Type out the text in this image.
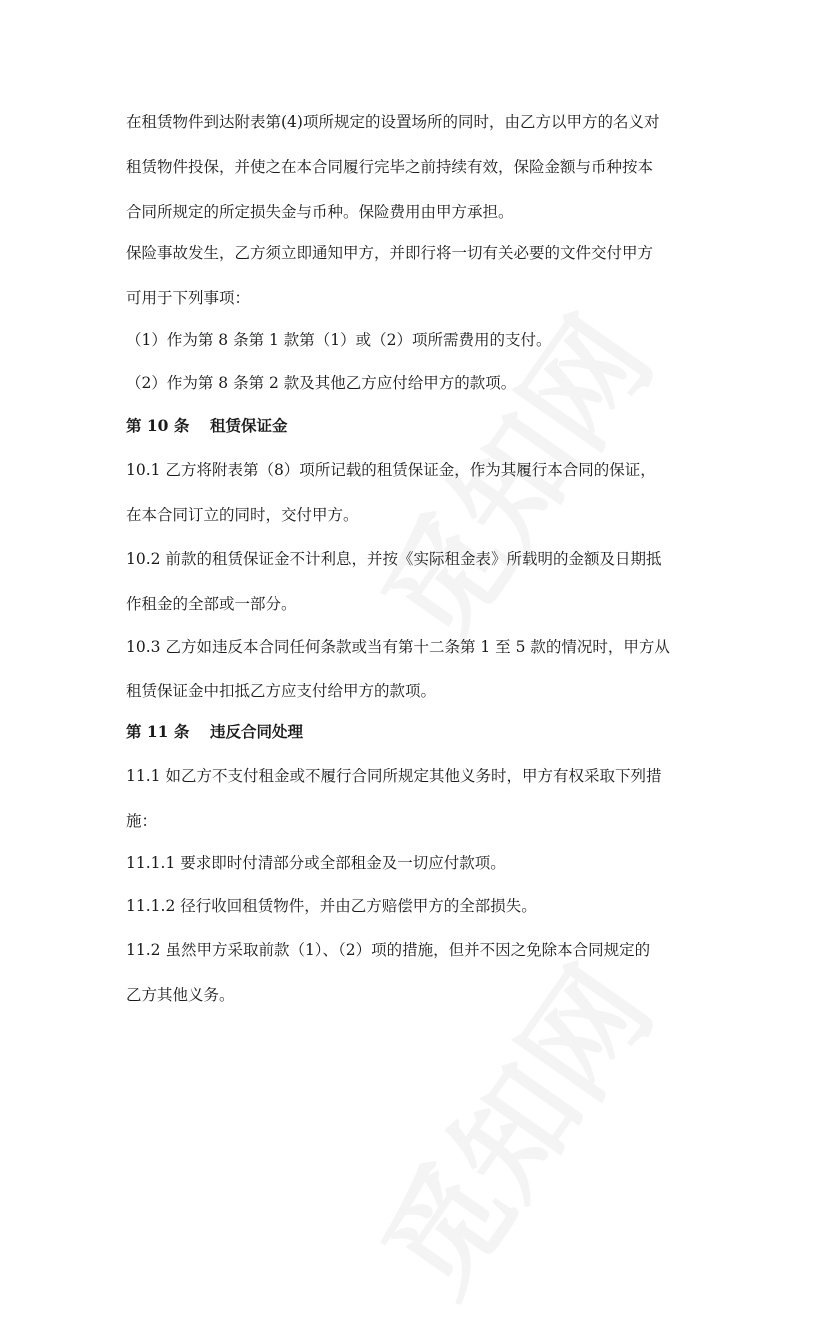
在租赁物件到达附表第(4)项所规定的设置场所的同时，由乙方以甲方的名义对
租赁物件投保，并使之在本合同履行完毕之前持续有效，保险金额与币种按本
合同所规定的所定损失金与币种。保险费用由甲方承担。
保险事故发生，乙方须立即通知甲方，并即行将一切有关必要的文件交付甲方
可用于下列事项：
（1）作为第 8 条第 1 款第（1）或（2）项所需费用的支付。
（2）作为第 8 条第 2 款及其他乙方应付给甲方的款项。
第 10 条 租赁保证金
10.1 乙方将附表第（8）项所记载的租赁保证金，作为其履行本合同的保证，
在本合同订立的同时，交付甲方。
10.2 前款的租赁保证金不计利息，并按《实际租金表》所载明的金额及日期抵
作租金的全部或一部分。
10.3 乙方如违反本合同任何条款或当有第十二条第 1 至 5 款的情况时，甲方从
租赁保证金中扣抵乙方应支付给甲方的款项。
第 11 条 违反合同处理
11.1 如乙方不支付租金或不履行合同所规定其他义务时，甲方有权采取下列措
施：
11.1.1 要求即时付清部分或全部租金及一切应付款项。
11.1.2 径行收回租赁物件，并由乙方赔偿甲方的全部损失。
11.2 虽然甲方采取前款（1）、（2）项的措施，但并不因之免除本合同规定的
乙方其他义务。
